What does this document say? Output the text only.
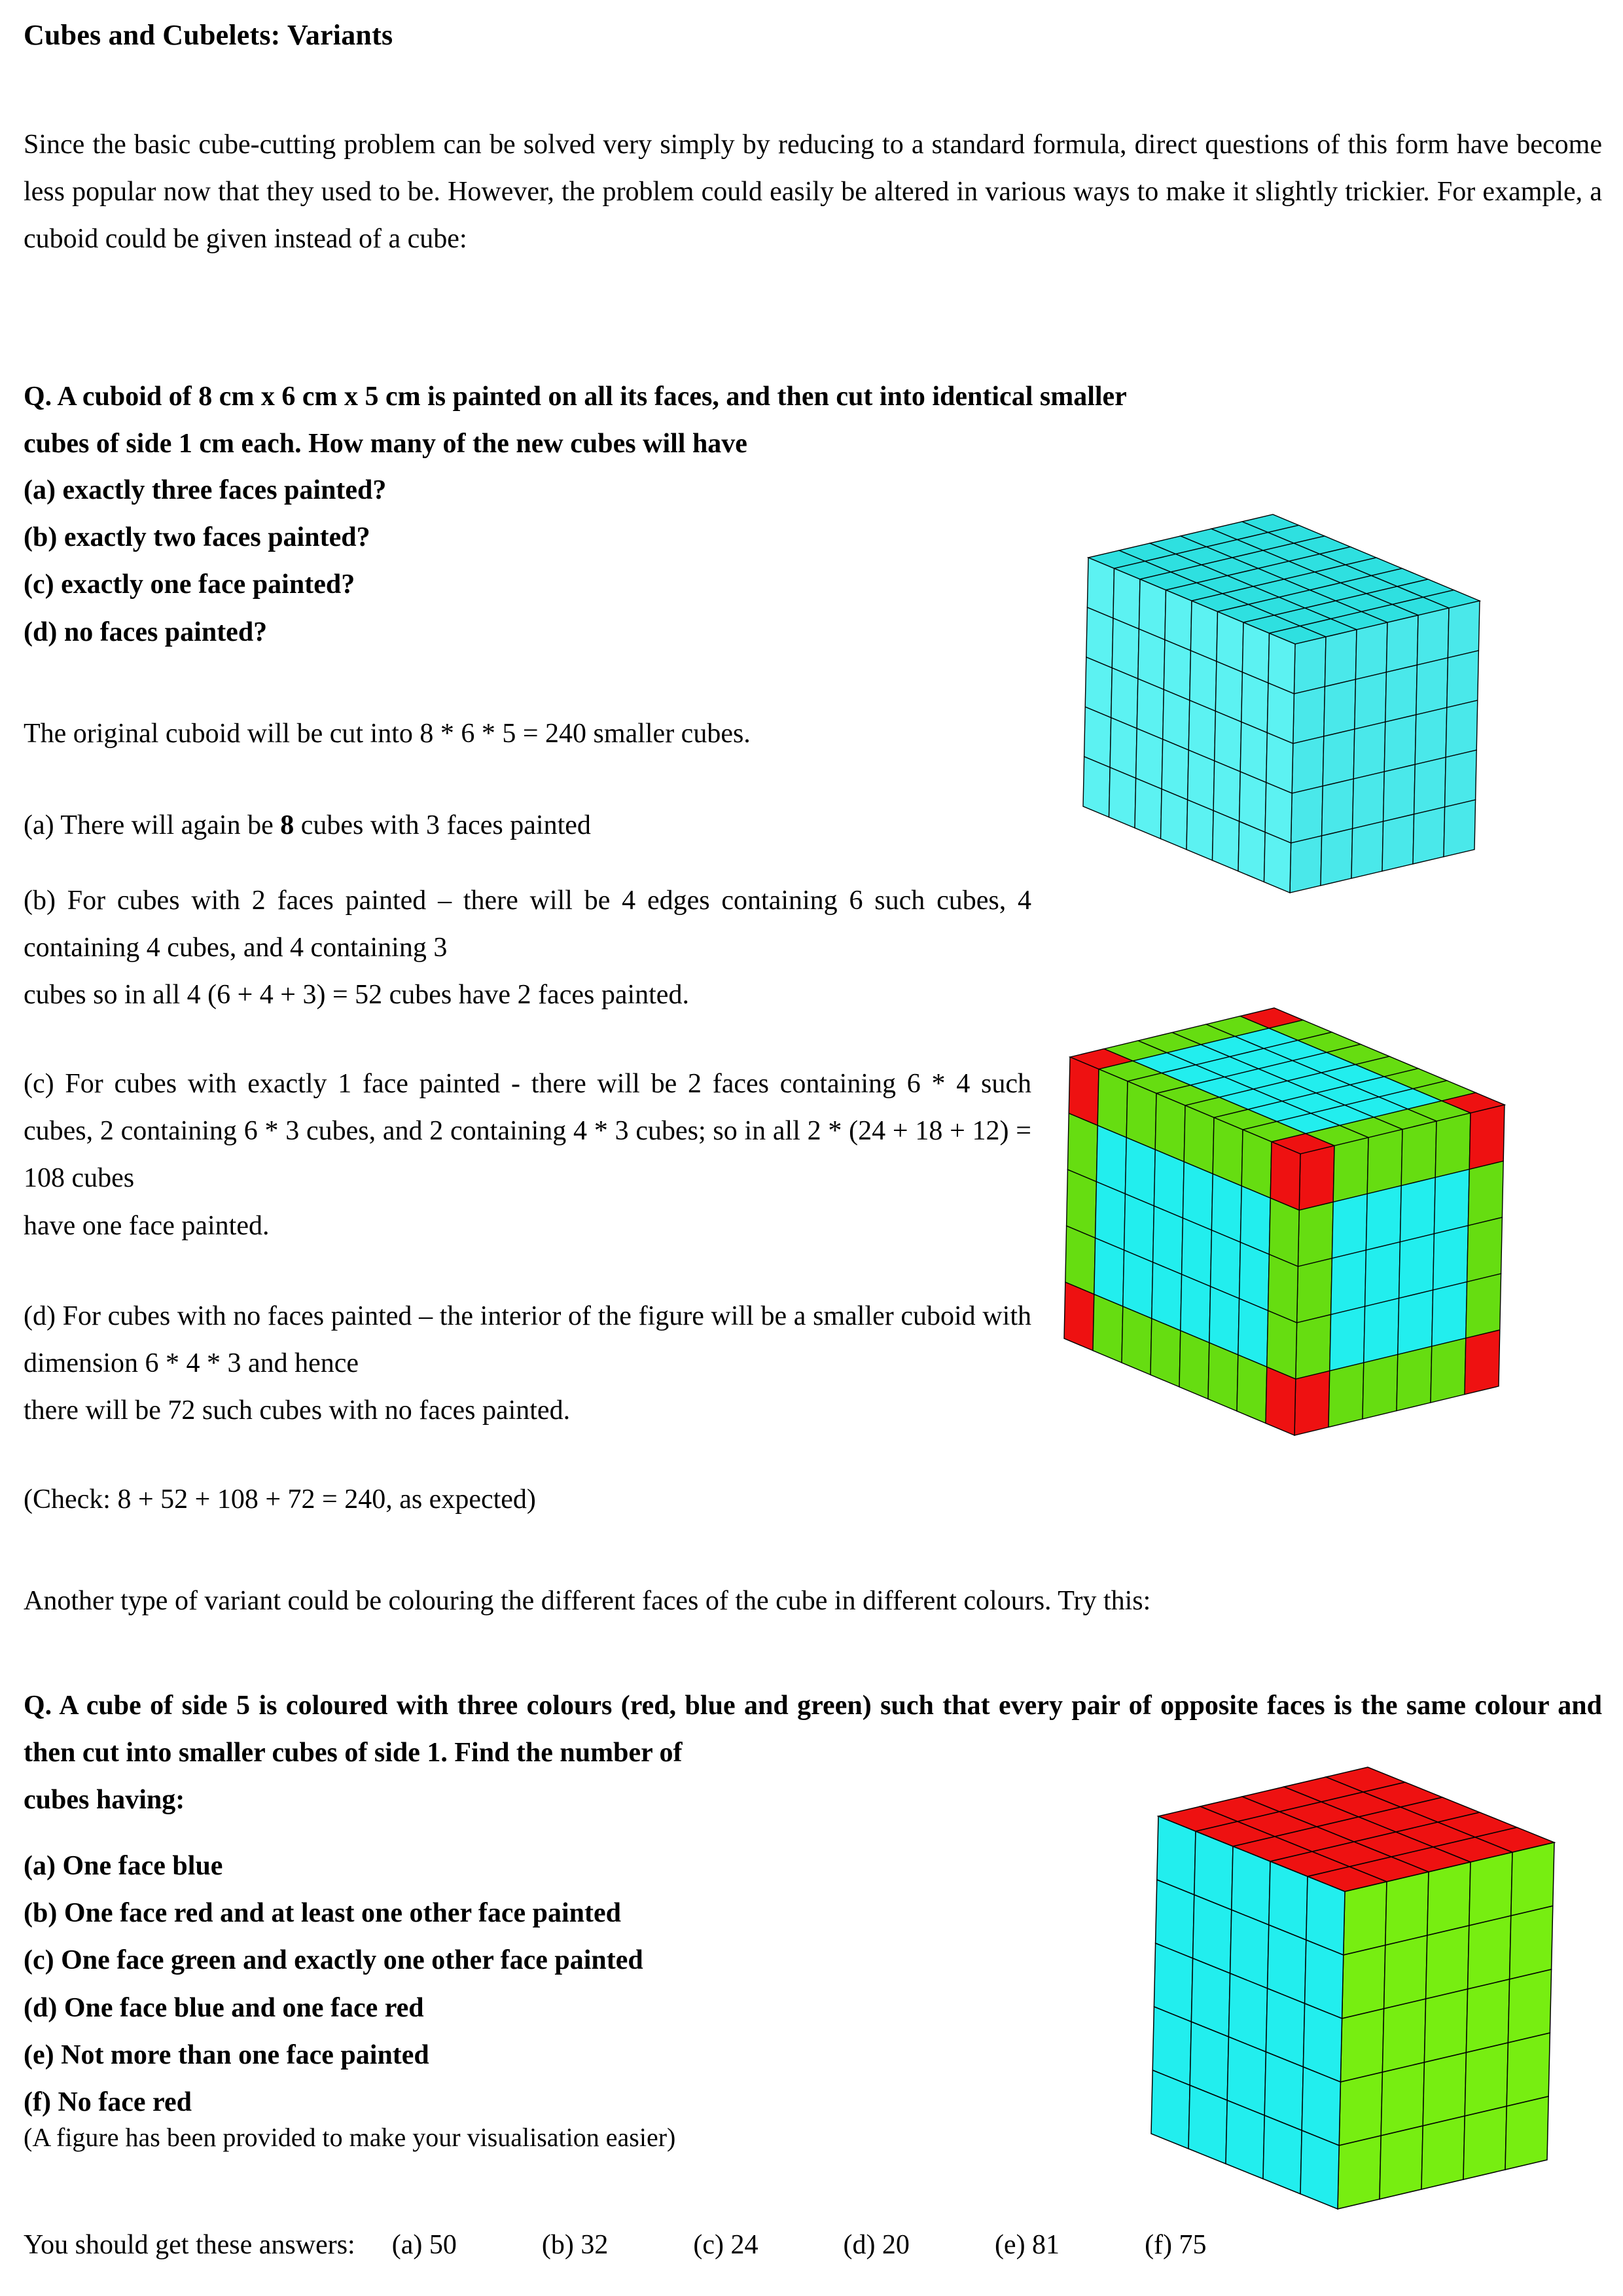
Cubes and Cubelets: Variants
Since the basic cube-cutting problem can be solved very simply by reducing to a standard formula, direct questions of this form have become less popular now that they used to be. However, the problem could easily be altered in various ways to make it slightly trickier. For example, a cuboid could be given instead of a cube:
Q. A cuboid of 8 cm x 6 cm x 5 cm is painted on all its faces, and then cut into identical smaller
cubes of side 1 cm each. How many of the new cubes will have
(a) exactly three faces painted?
(b) exactly two faces painted?
(c) exactly one face painted?
(d) no faces painted?
The original cuboid will be cut into 8 * 6 * 5 = 240 smaller cubes.
(a) There will again be 8 cubes with 3 faces painted
(b) For cubes with 2 faces painted – there will be 4 edges containing 6 such cubes, 4 containing 4 cubes, and 4 containing 3
cubes so in all 4 (6 + 4 + 3) = 52 cubes have 2 faces painted.
(c) For cubes with exactly 1 face painted - there will be 2 faces containing 6 * 4 such cubes, 2 containing 6 * 3 cubes, and 2 containing 4 * 3 cubes; so in all 2 * (24 + 18 + 12) = 108 cubes
have one face painted.
(d) For cubes with no faces painted – the interior of the figure will be a smaller cuboid with dimension 6 * 4 * 3 and hence
there will be 72 such cubes with no faces painted.
(Check: 8 + 52 + 108 + 72 = 240, as expected)
Another type of variant could be colouring the different faces of the cube in different colours. Try this:
Q. A cube of side 5 is coloured with three colours (red, blue and green) such that every pair of opposite faces is the same colour and then cut into smaller cubes of side 1. Find the number of
cubes having:
(a) One face blue
(b) One face red and at least one other face painted
(c) One face green and exactly one other face painted
(d) One face blue and one face red
(e) Not more than one face painted
(f) No face red
(A figure has been provided to make your visualisation easier)
You should get these answers: (a) 50	(b) 32	(c) 24	(d) 20	(e) 81	(f) 75
